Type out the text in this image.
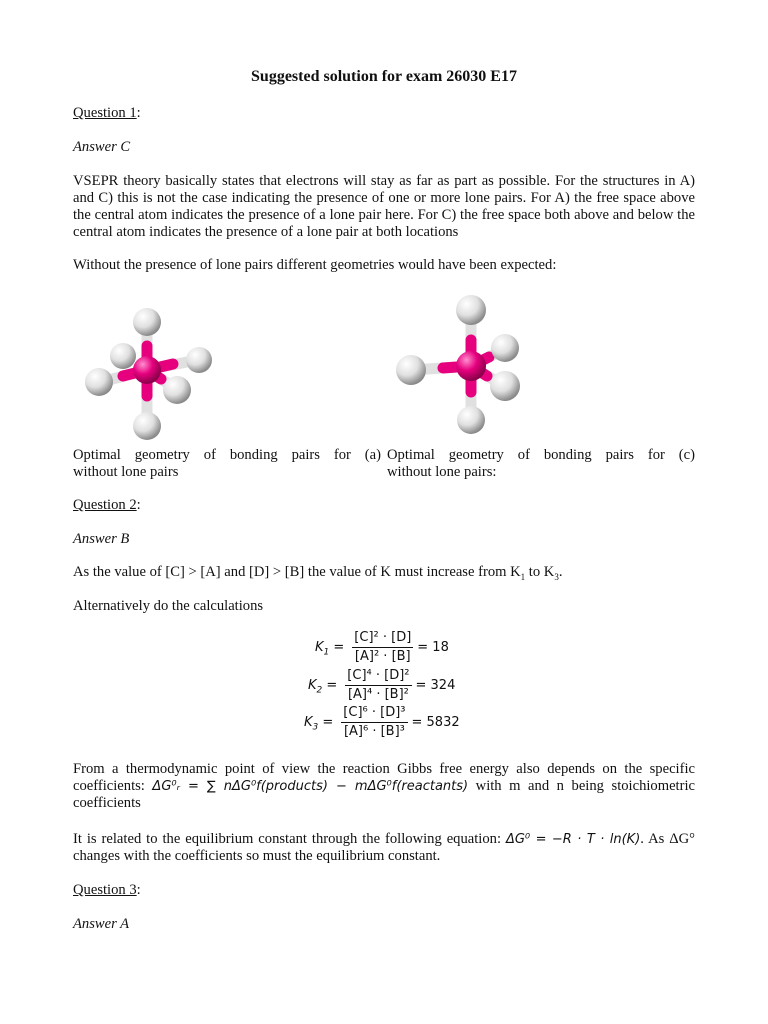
Suggested solution for exam 26030 E17
Question 1:
Answer C
VSEPR theory basically states that electrons will stay as far as part as possible. For the structures in A) and C) this is not the case indicating the presence of one or more lone pairs. For A) the free space above the central atom indicates the presence of a lone pair here. For C) the free space both above and below the central atom indicates the presence of a lone pair at both locations
Without the presence of lone pairs different geometries would have been expected:
Optimal geometry of bonding pairs for (a)
without lone pairs
Optimal geometry of bonding pairs for (c)
without lone pairs:
Question 2:
Answer B
As the value of [C] > [A] and [D] > [B] the value of K must increase from $K_1$ to $K_3$.
Alternatively do the calculations
$K_1 = \frac{\text{[C]² · [D]}}{\text{[A]² · [B]}} = 18$
$K_2 = \frac{\text{[C]⁴ · [D]²}}{\text{[A]⁴ · [B]²}} = 324$
$K_3 = \frac{\text{[C]⁶ · [D]³}}{\text{[A]⁶ · [B]³}} = 5832$
From a thermodynamic point of view the reaction Gibbs free energy also depends on the specific coefficients: ΔG⁰ᵣ = ∑ nΔG⁰f(products) − mΔG⁰f(reactants) with m and n being stoichiometric coefficients
It is related to the equilibrium constant through the following equation: ΔG⁰ = −R · T · ln(K). As ΔG° changes with the coefficients so must the equilibrium constant.
Question 3:
Answer A
